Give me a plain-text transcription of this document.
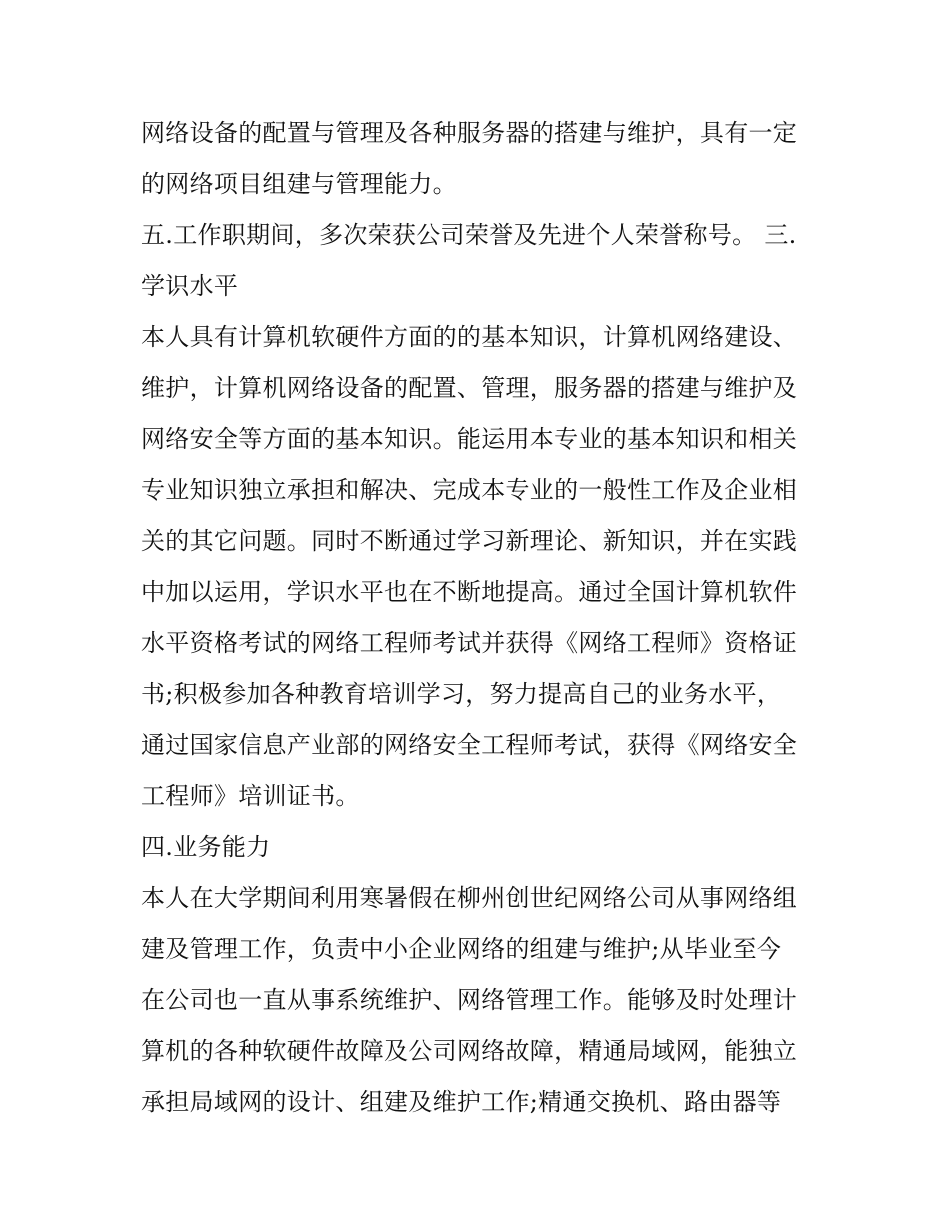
网络设备的配置与管理及各种服务器的搭建与维护，具有一定
的网络项目组建与管理能力。
五.工作职期间，多次荣获公司荣誉及先进个人荣誉称号。 三.
学识水平
本人具有计算机软硬件方面的的基本知识，计算机网络建设、
维护，计算机网络设备的配置、管理，服务器的搭建与维护及
网络安全等方面的基本知识。能运用本专业的基本知识和相关
专业知识独立承担和解决、完成本专业的一般性工作及企业相
关的其它问题。同时不断通过学习新理论、新知识，并在实践
中加以运用，学识水平也在不断地提高。通过全国计算机软件
水平资格考试的网络工程师考试并获得《网络工程师》资格证
书;积极参加各种教育培训学习，努力提高自己的业务水平，
通过国家信息产业部的网络安全工程师考试，获得《网络安全
工程师》培训证书。
四.业务能力
本人在大学期间利用寒暑假在柳州创世纪网络公司从事网络组
建及管理工作，负责中小企业网络的组建与维护;从毕业至今
在公司也一直从事系统维护、网络管理工作。能够及时处理计
算机的各种软硬件故障及公司网络故障，精通局域网，能独立
承担局域网的设计、组建及维护工作;精通交换机、路由器等
